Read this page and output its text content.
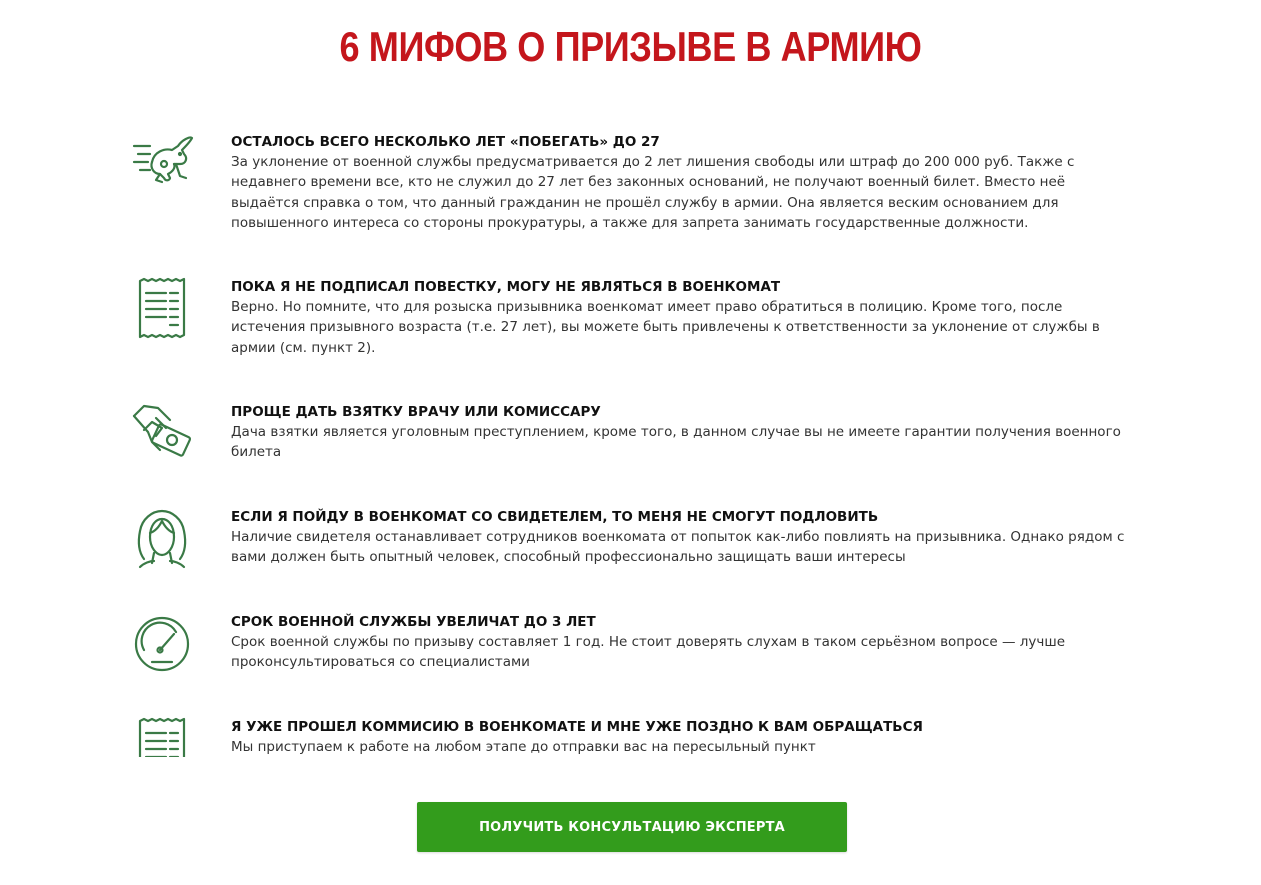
6 МИФОВ О ПРИЗЫВЕ В АРМИЮ

ОСТАЛОСЬ ВСЕГО НЕСКОЛЬКО ЛЕТ «ПОБЕГАТЬ» ДО 27

За уклонение от военной службы предусматривается до 2 лет лишения свободы или штраф до 200 000 руб. Также с недавнего времени все, кто не служил до 27 лет без законных оснований, не получают военный билет. Вместо неё выдаётся справка о том, что данный гражданин не прошёл службу в армии. Она является веским основанием для повышенного интереса со стороны прокуратуры, а также для запрета занимать государственные должности.

ПОКА Я НЕ ПОДПИСАЛ ПОВЕСТКУ, МОГУ НЕ ЯВЛЯТЬСЯ В ВОЕНКОМАТ

Верно. Но помните, что для розыска призывника военкомат имеет право обратиться в полицию. Кроме того, после истечения призывного возраста (т.е. 27 лет), вы можете быть привлечены к ответственности за уклонение от службы в армии (см. пункт 2).

ПРОЩЕ ДАТЬ ВЗЯТКУ ВРАЧУ ИЛИ КОМИССАРУ

Дача взятки является уголовным преступлением, кроме того, в данном случае вы не имеете гарантии получения военного билета

ЕСЛИ Я ПОЙДУ В ВОЕНКОМАТ СО СВИДЕТЕЛЕМ, ТО МЕНЯ НЕ СМОГУТ ПОДЛОВИТЬ

Наличие свидетеля останавливает сотрудников военкомата от попыток как-либо повлиять на призывника. Однако рядом с вами должен быть опытный человек, способный профессионально защищать ваши интересы

СРОК ВОЕННОЙ СЛУЖБЫ УВЕЛИЧАТ ДО 3 ЛЕТ

Срок военной службы по призыву составляет 1 год. Не стоит доверять слухам в таком серьёзном вопросе — лучше проконсультироваться со специалистами

Я УЖЕ ПРОШЕЛ КОММИСИЮ В ВОЕНКОМАТЕ И МНЕ УЖЕ ПОЗДНО К ВАМ ОБРАЩАТЬСЯ

Мы приступаем к работе на любом этапе до отправки вас на пересыльный пункт

ПОЛУЧИТЬ КОНСУЛЬТАЦИЮ ЭКСПЕРТА
